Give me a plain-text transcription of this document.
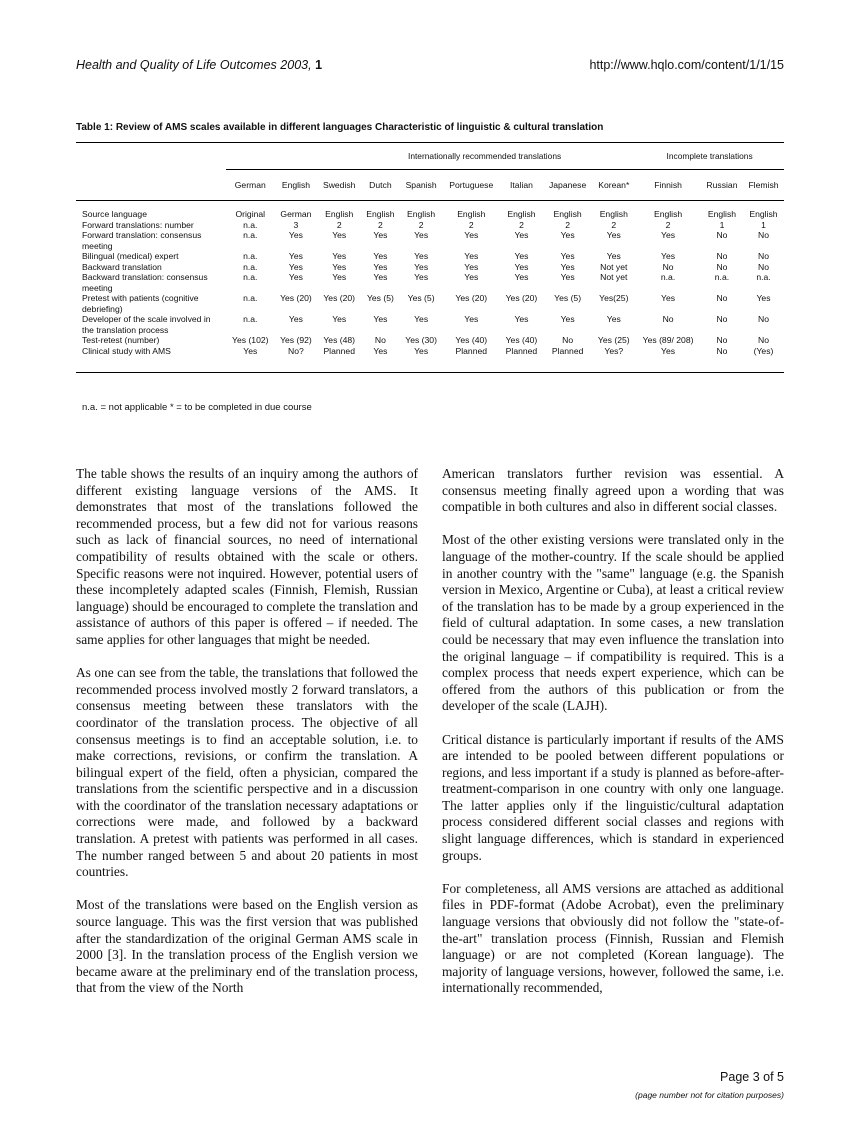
Health and Quality of Life Outcomes 2003, 1	http://www.hqlo.com/content/1/1/15
Table 1: Review of AMS scales available in different languages Characteristic of linguistic & cultural translation
	Internationally recommended translations									Incomplete translations		
	German	English	Swedish	Dutch	Spanish	Portuguese	Italian	Japanese	Korean*	Finnish	Russian	Flemish

Source language	Original	German	English	English	English	English	English	English	English	English	English	English
Forward translations: number	n.a.	3	2	2	2	2	2	2	2	2	1	1
Forward translation: consensus meeting	n.a.	Yes	Yes	Yes	Yes	Yes	Yes	Yes	Yes	Yes	No	No
Bilingual (medical) expert	n.a.	Yes	Yes	Yes	Yes	Yes	Yes	Yes	Yes	Yes	No	No
Backward translation	n.a.	Yes	Yes	Yes	Yes	Yes	Yes	Yes	Not yet	No	No	No
Backward translation: consensus meeting	n.a.	Yes	Yes	Yes	Yes	Yes	Yes	Yes	Not yet	n.a.	n.a.	n.a.
Pretest with patients (cognitive debriefing)	n.a.	Yes (20)	Yes (20)	Yes (5)	Yes (5)	Yes (20)	Yes (20)	Yes (5)	Yes(25)	Yes	No	Yes
Developer of the scale involved in the translation process	n.a.	Yes	Yes	Yes	Yes	Yes	Yes	Yes	Yes	No	No	No
Test-retest (number)	Yes (102)	Yes (92)	Yes (48)	No	Yes (30)	Yes (40)	Yes (40)	No	Yes (25)	Yes (89/ 208)	No	No
Clinical study with AMS	Yes	No?	Planned	Yes	Yes	Planned	Planned	Planned	Yes?	Yes	No	(Yes)
n.a. = not applicable * = to be completed in due course

The table shows the results of an inquiry among the authors of different existing language versions of the AMS. It demonstrates that most of the translations followed the recommended process, but a few did not for various reasons such as lack of financial sources, no need of international compatibility of results obtained with the scale or others. Specific reasons were not inquired. However, potential users of these incompletely adapted scales (Finnish, Flemish, Russian language) should be encouraged to complete the translation and assistance of authors of this paper is offered – if needed. The same applies for other languages that might be needed.

As one can see from the table, the translations that followed the recommended process involved mostly 2 forward translators, a consensus meeting between these translators with the coordinator of the translation process. The objective of all consensus meetings is to find an acceptable solution, i.e. to make corrections, revisions, or confirm the translation. A bilingual expert of the field, often a physician, compared the translations from the scientific perspective and in a discussion with the coordinator of the translation necessary adaptations or corrections were made, and followed by a backward translation. A pretest with patients was performed in all cases. The number ranged between 5 and about 20 patients in most countries.

Most of the translations were based on the English version as source language. This was the first version that was published after the standardization of the original German AMS scale in 2000 [3]. In the translation process of the English version we became aware at the preliminary end of the translation process, that from the view of the North

American translators further revision was essential. A consensus meeting finally agreed upon a wording that was compatible in both cultures and also in different social classes.

Most of the other existing versions were translated only in the language of the mother-country. If the scale should be applied in another country with the "same" language (e.g. the Spanish version in Mexico, Argentine or Cuba), at least a critical review of the translation has to be made by a group experienced in the field of cultural adaptation. In some cases, a new translation could be necessary that may even influence the translation into the original language – if compatibility is required. This is a complex process that needs expert experience, which can be offered from the authors of this publication or from the developer of the scale (LAJH).

Critical distance is particularly important if results of the AMS are intended to be pooled between different populations or regions, and less important if a study is planned as before-after-treatment-comparison in one country with only one language. The latter applies only if the linguistic/cultural adaptation process considered different social classes and regions with slight language differences, which is standard in experienced groups.

For completeness, all AMS versions are attached as additional files in PDF-format (Adobe Acrobat), even the preliminary language versions that obviously did not follow the "state-of-the-art" translation process (Finnish, Russian and Flemish language) or are not completed (Korean language). The majority of language versions, however, followed the same, i.e. internationally recommended,

Page 3 of 5
(page number not for citation purposes)
